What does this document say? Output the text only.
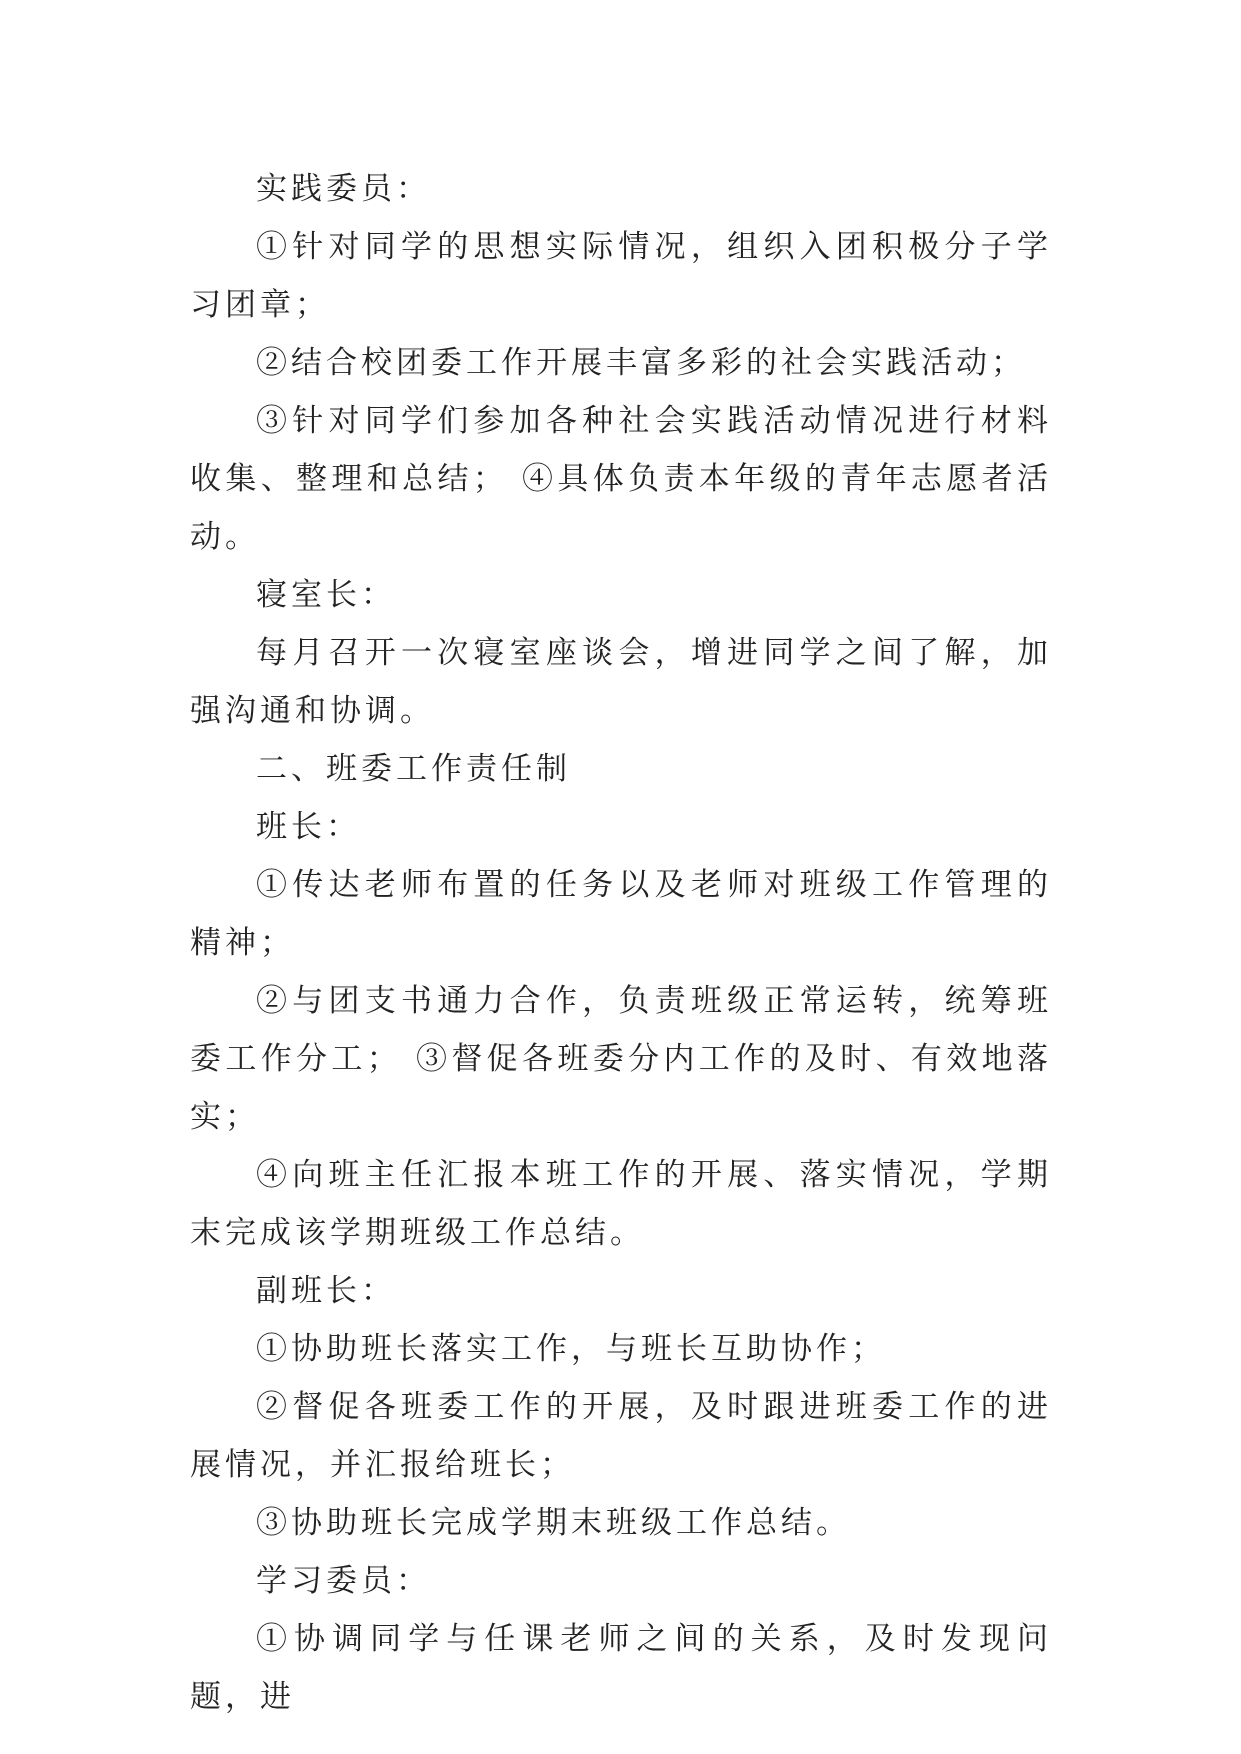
实践委员：

①针对同学的思想实际情况，组织入团积极分子学习团章；

②结合校团委工作开展丰富多彩的社会实践活动；

③针对同学们参加各种社会实践活动情况进行材料收集、整理和总结； ④具体负责本年级的青年志愿者活动。

寝室长：

每月召开一次寝室座谈会，增进同学之间了解，加强沟通和协调。

二、班委工作责任制

班长：

①传达老师布置的任务以及老师对班级工作管理的精神；

②与团支书通力合作，负责班级正常运转，统筹班委工作分工； ③督促各班委分内工作的及时、有效地落实；

④向班主任汇报本班工作的开展、落实情况，学期末完成该学期班级工作总结。

副班长：

①协助班长落实工作，与班长互助协作；

②督促各班委工作的开展，及时跟进班委工作的进展情况，并汇报给班长；

③协助班长完成学期末班级工作总结。

学习委员：

①协调同学与任课老师之间的关系，及时发现问题，进
